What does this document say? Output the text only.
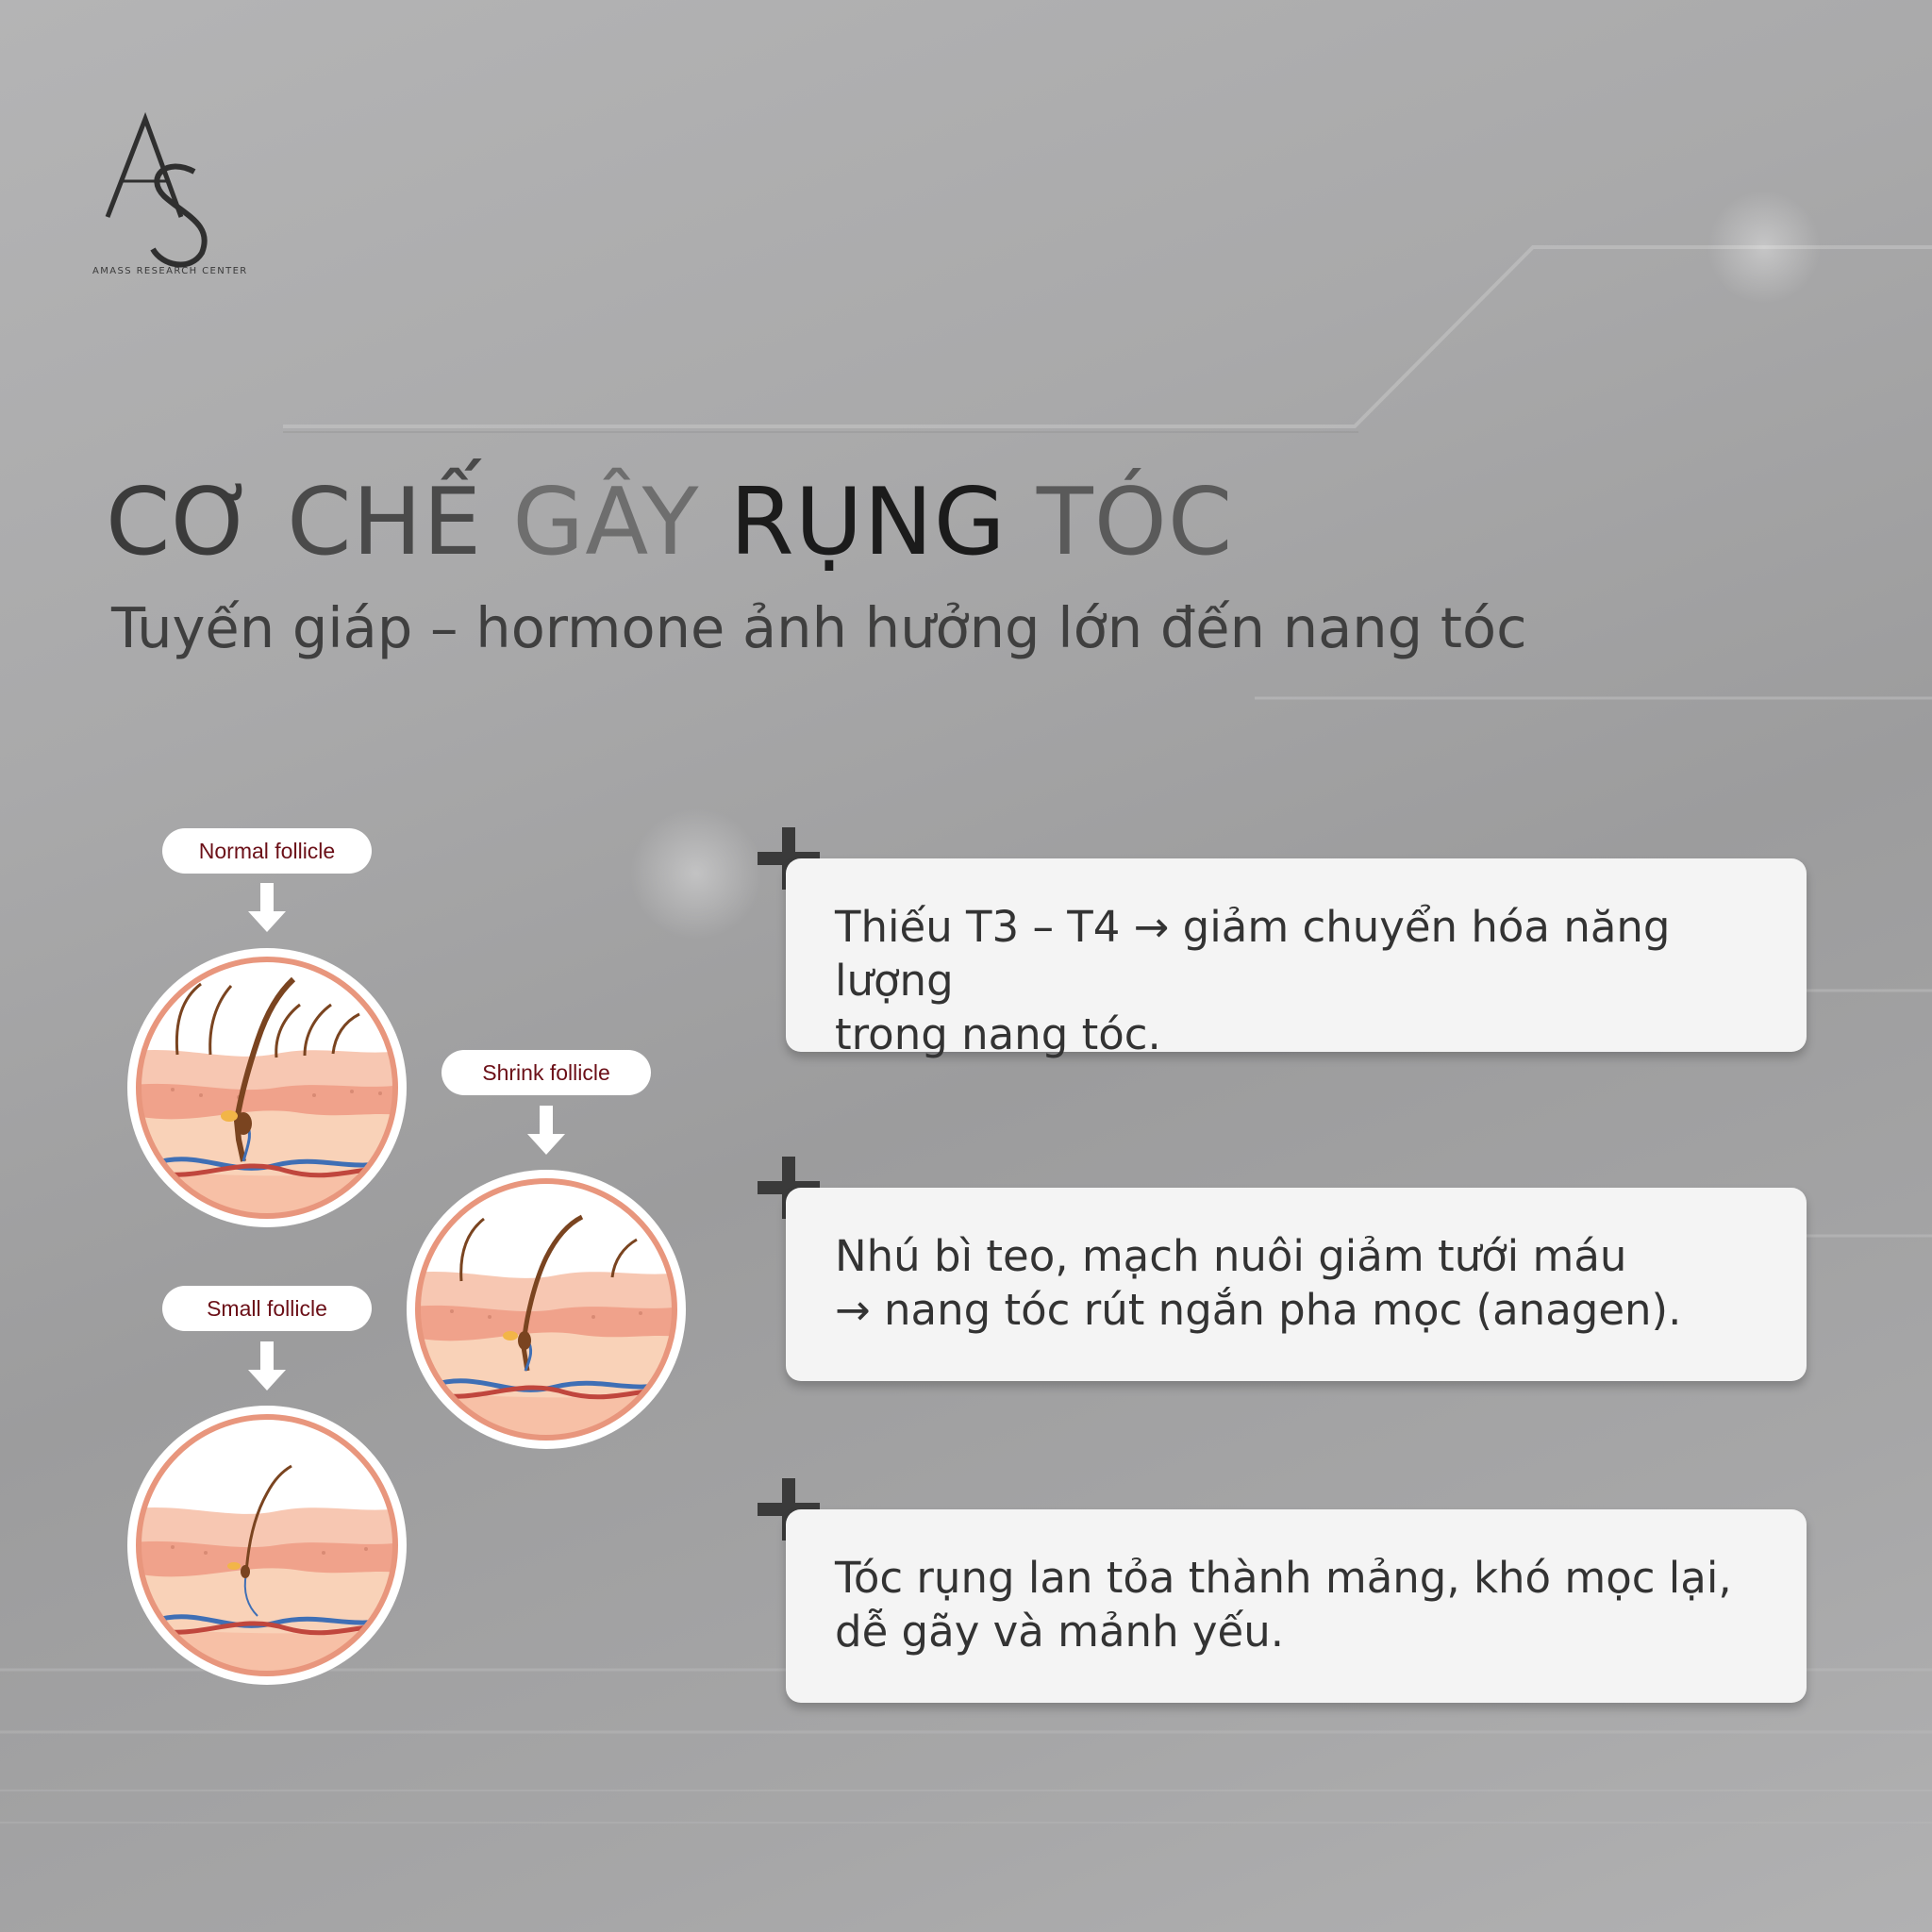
AMASS RESEARCH CENTER
CƠ CHẾ GÂY RỤNG TÓC
Tuyến giáp – hormone ảnh hưởng lớn đến nang tóc
Normal follicle
Shrink follicle
Small follicle
Thiếu T3 – T4 → giảm chuyển hóa năng lượng
trong nang tóc.
Nhú bì teo, mạch nuôi giảm tưới máu
→ nang tóc rút ngắn pha mọc (anagen).
Tóc rụng lan tỏa thành mảng, khó mọc lại,
dễ gãy và mảnh yếu.
